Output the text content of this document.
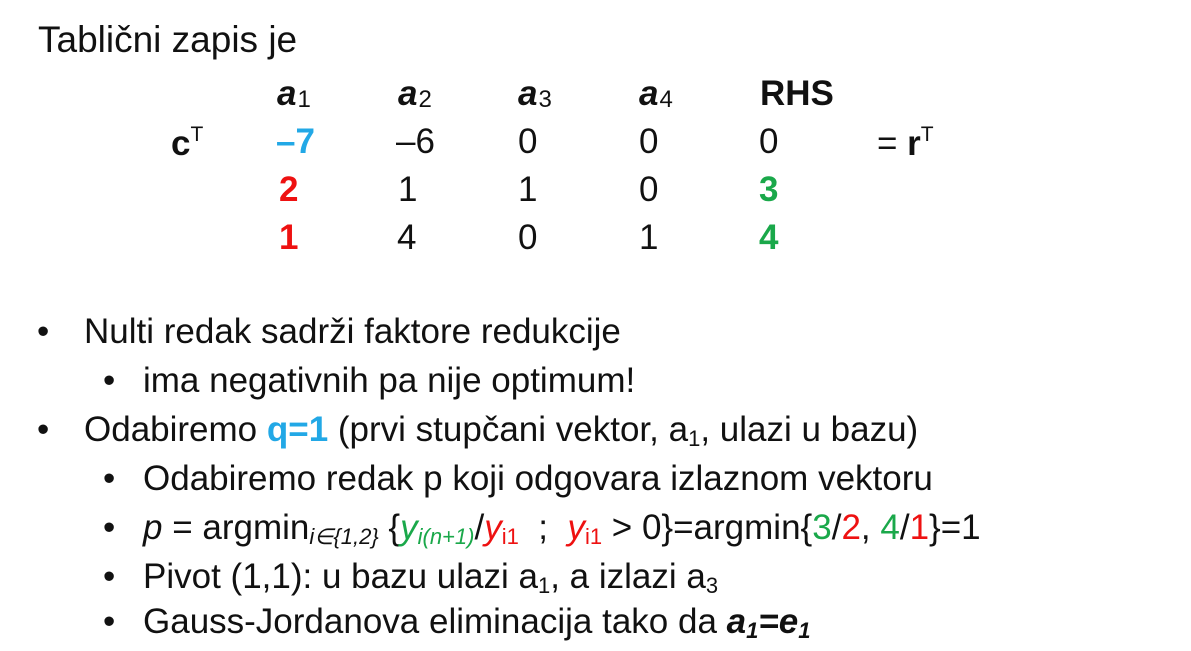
Tablični zapis je
a1 a2 a3 a4 RHS
$c^T$ –7 –6 0	0	0	= $r^T$
2	1	1	0	3
1	4	0	1	4
• Nulti redak sadrži faktore redukcije
• ima negativnih pa nije optimum!
• Odabiremo q=1 (prvi stupčani vektor, a1, ulazi u bazu)
• Odabiremo redak p koji odgovara izlaznom vektoru
• p = argmini∈{1,2} {yi(n+1)/yi1  ;  yi1 > 0}=argmin{3/2, 4/1}=1
• Pivot (1,1): u bazu ulazi a1, a izlazi a3
• Gauss-Jordanova eliminacija tako da a1=e1
